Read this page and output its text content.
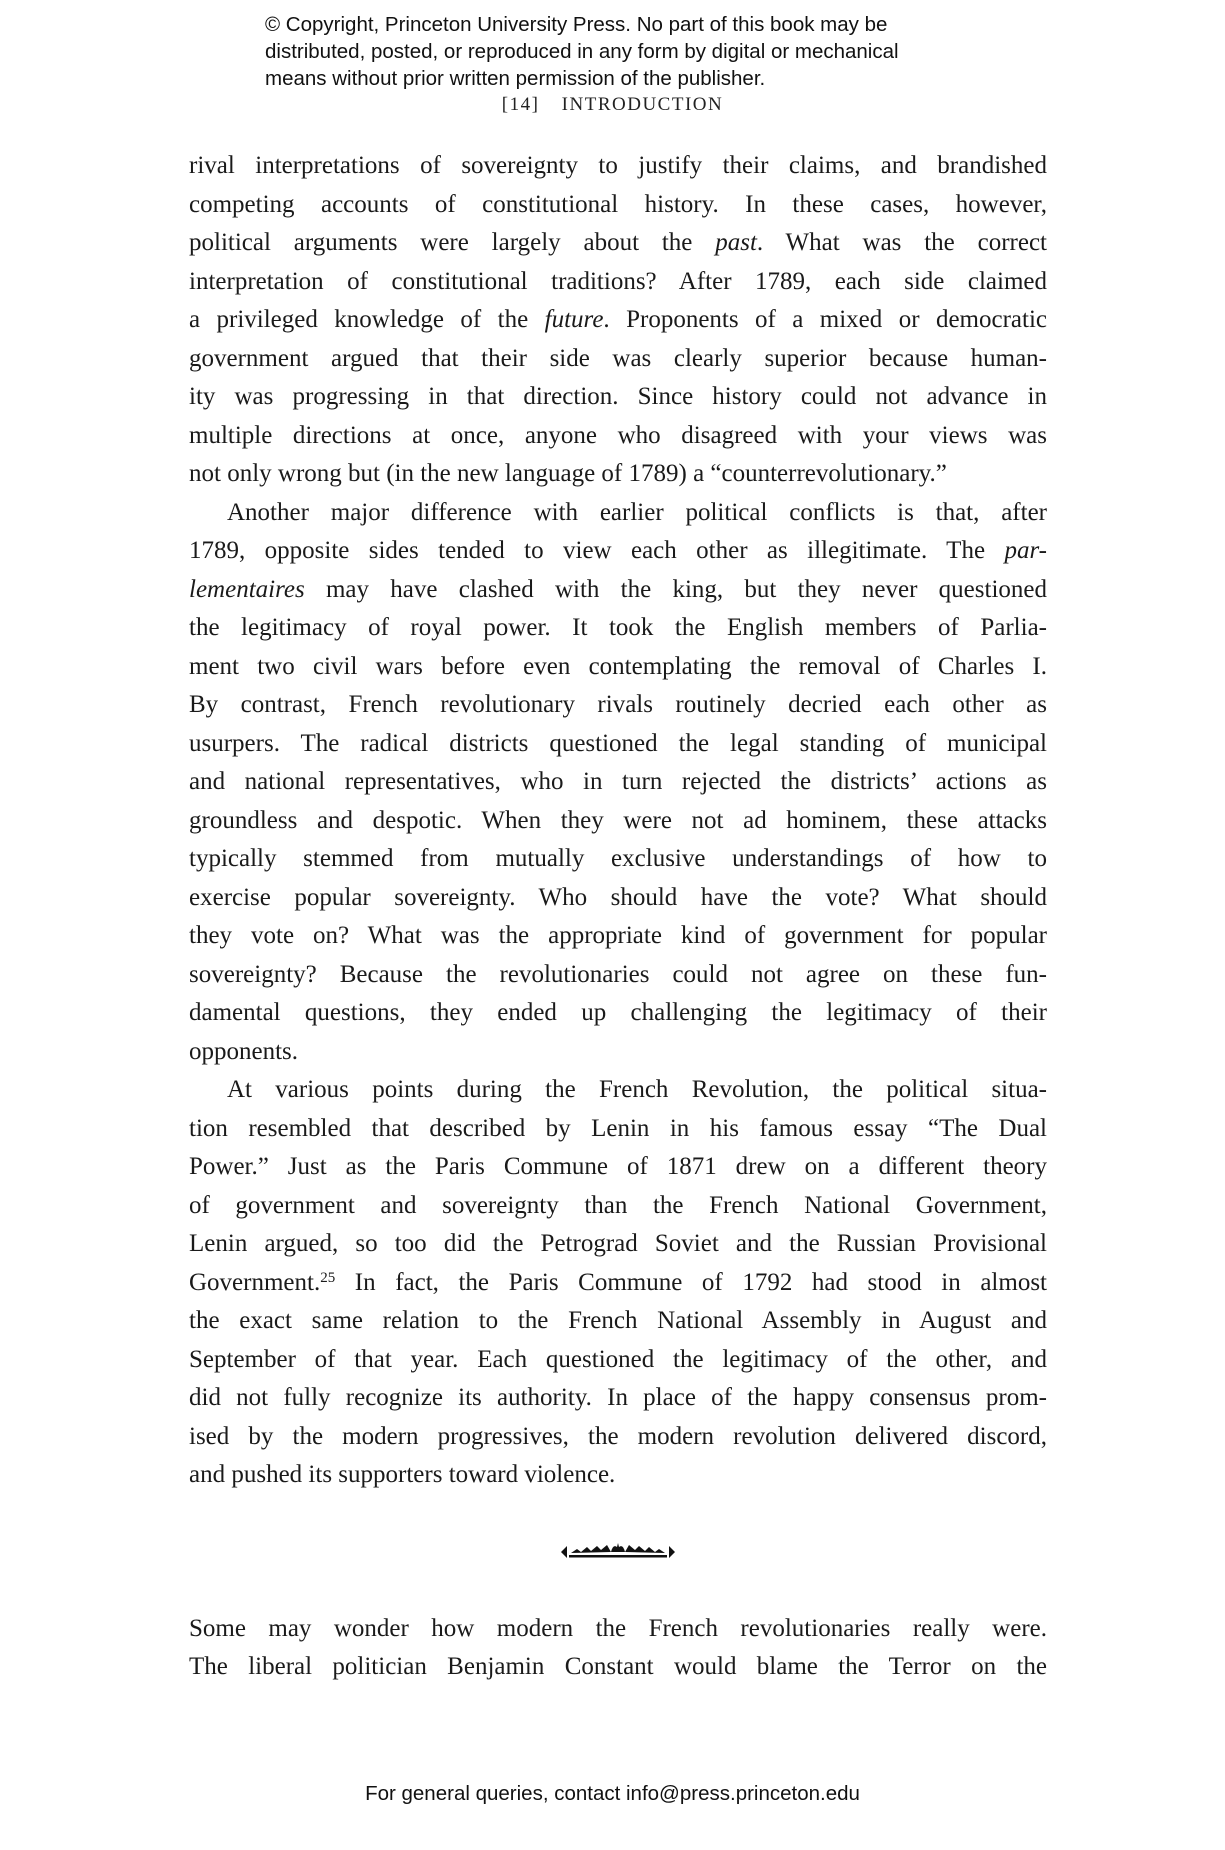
© Copyright, Princeton University Press. No part of this book may be
distributed, posted, or reproduced in any form by digital or mechanical
means without prior written permission of the publisher.
[14] INTRODUCTION
rival interpretations of sovereignty to justify their claims, and brandished
competing accounts of constitutional history. In these cases, however,
political arguments were largely about the past. What was the correct
interpretation of constitutional traditions? After 1789, each side claimed
a privileged knowledge of the future. Proponents of a mixed or democratic
government argued that their side was clearly superior because human-
ity was progressing in that direction. Since history could not advance in
multiple directions at once, anyone who disagreed with your views was
not only wrong but (in the new language of 1789) a “counterrevolutionary.”
Another major difference with earlier political conflicts is that, after
1789, opposite sides tended to view each other as illegitimate. The par-
lementaires may have clashed with the king, but they never questioned
the legitimacy of royal power. It took the English members of Parlia-
ment two civil wars before even contemplating the removal of Charles I.
By contrast, French revolutionary rivals routinely decried each other as
usurpers. The radical districts questioned the legal standing of municipal
and national representatives, who in turn rejected the districts’ actions as
groundless and despotic. When they were not ad hominem, these attacks
typically stemmed from mutually exclusive understandings of how to
exercise popular sovereignty. Who should have the vote? What should
they vote on? What was the appropriate kind of government for popular
sovereignty? Because the revolutionaries could not agree on these fun-
damental questions, they ended up challenging the legitimacy of their
opponents.
At various points during the French Revolution, the political situa-
tion resembled that described by Lenin in his famous essay “The Dual
Power.” Just as the Paris Commune of 1871 drew on a different theory
of government and sovereignty than the French National Government,
Lenin argued, so too did the Petrograd Soviet and the Russian Provisional
Government.$^{25}$ In fact, the Paris Commune of 1792 had stood in almost
the exact same relation to the French National Assembly in August and
September of that year. Each questioned the legitimacy of the other, and
did not fully recognize its authority. In place of the happy consensus prom-
ised by the modern progressives, the modern revolution delivered discord,
and pushed its supporters toward violence.
Some may wonder how modern the French revolutionaries really were.
The liberal politician Benjamin Constant would blame the Terror on the
For general queries, contact info@press.princeton.edu
